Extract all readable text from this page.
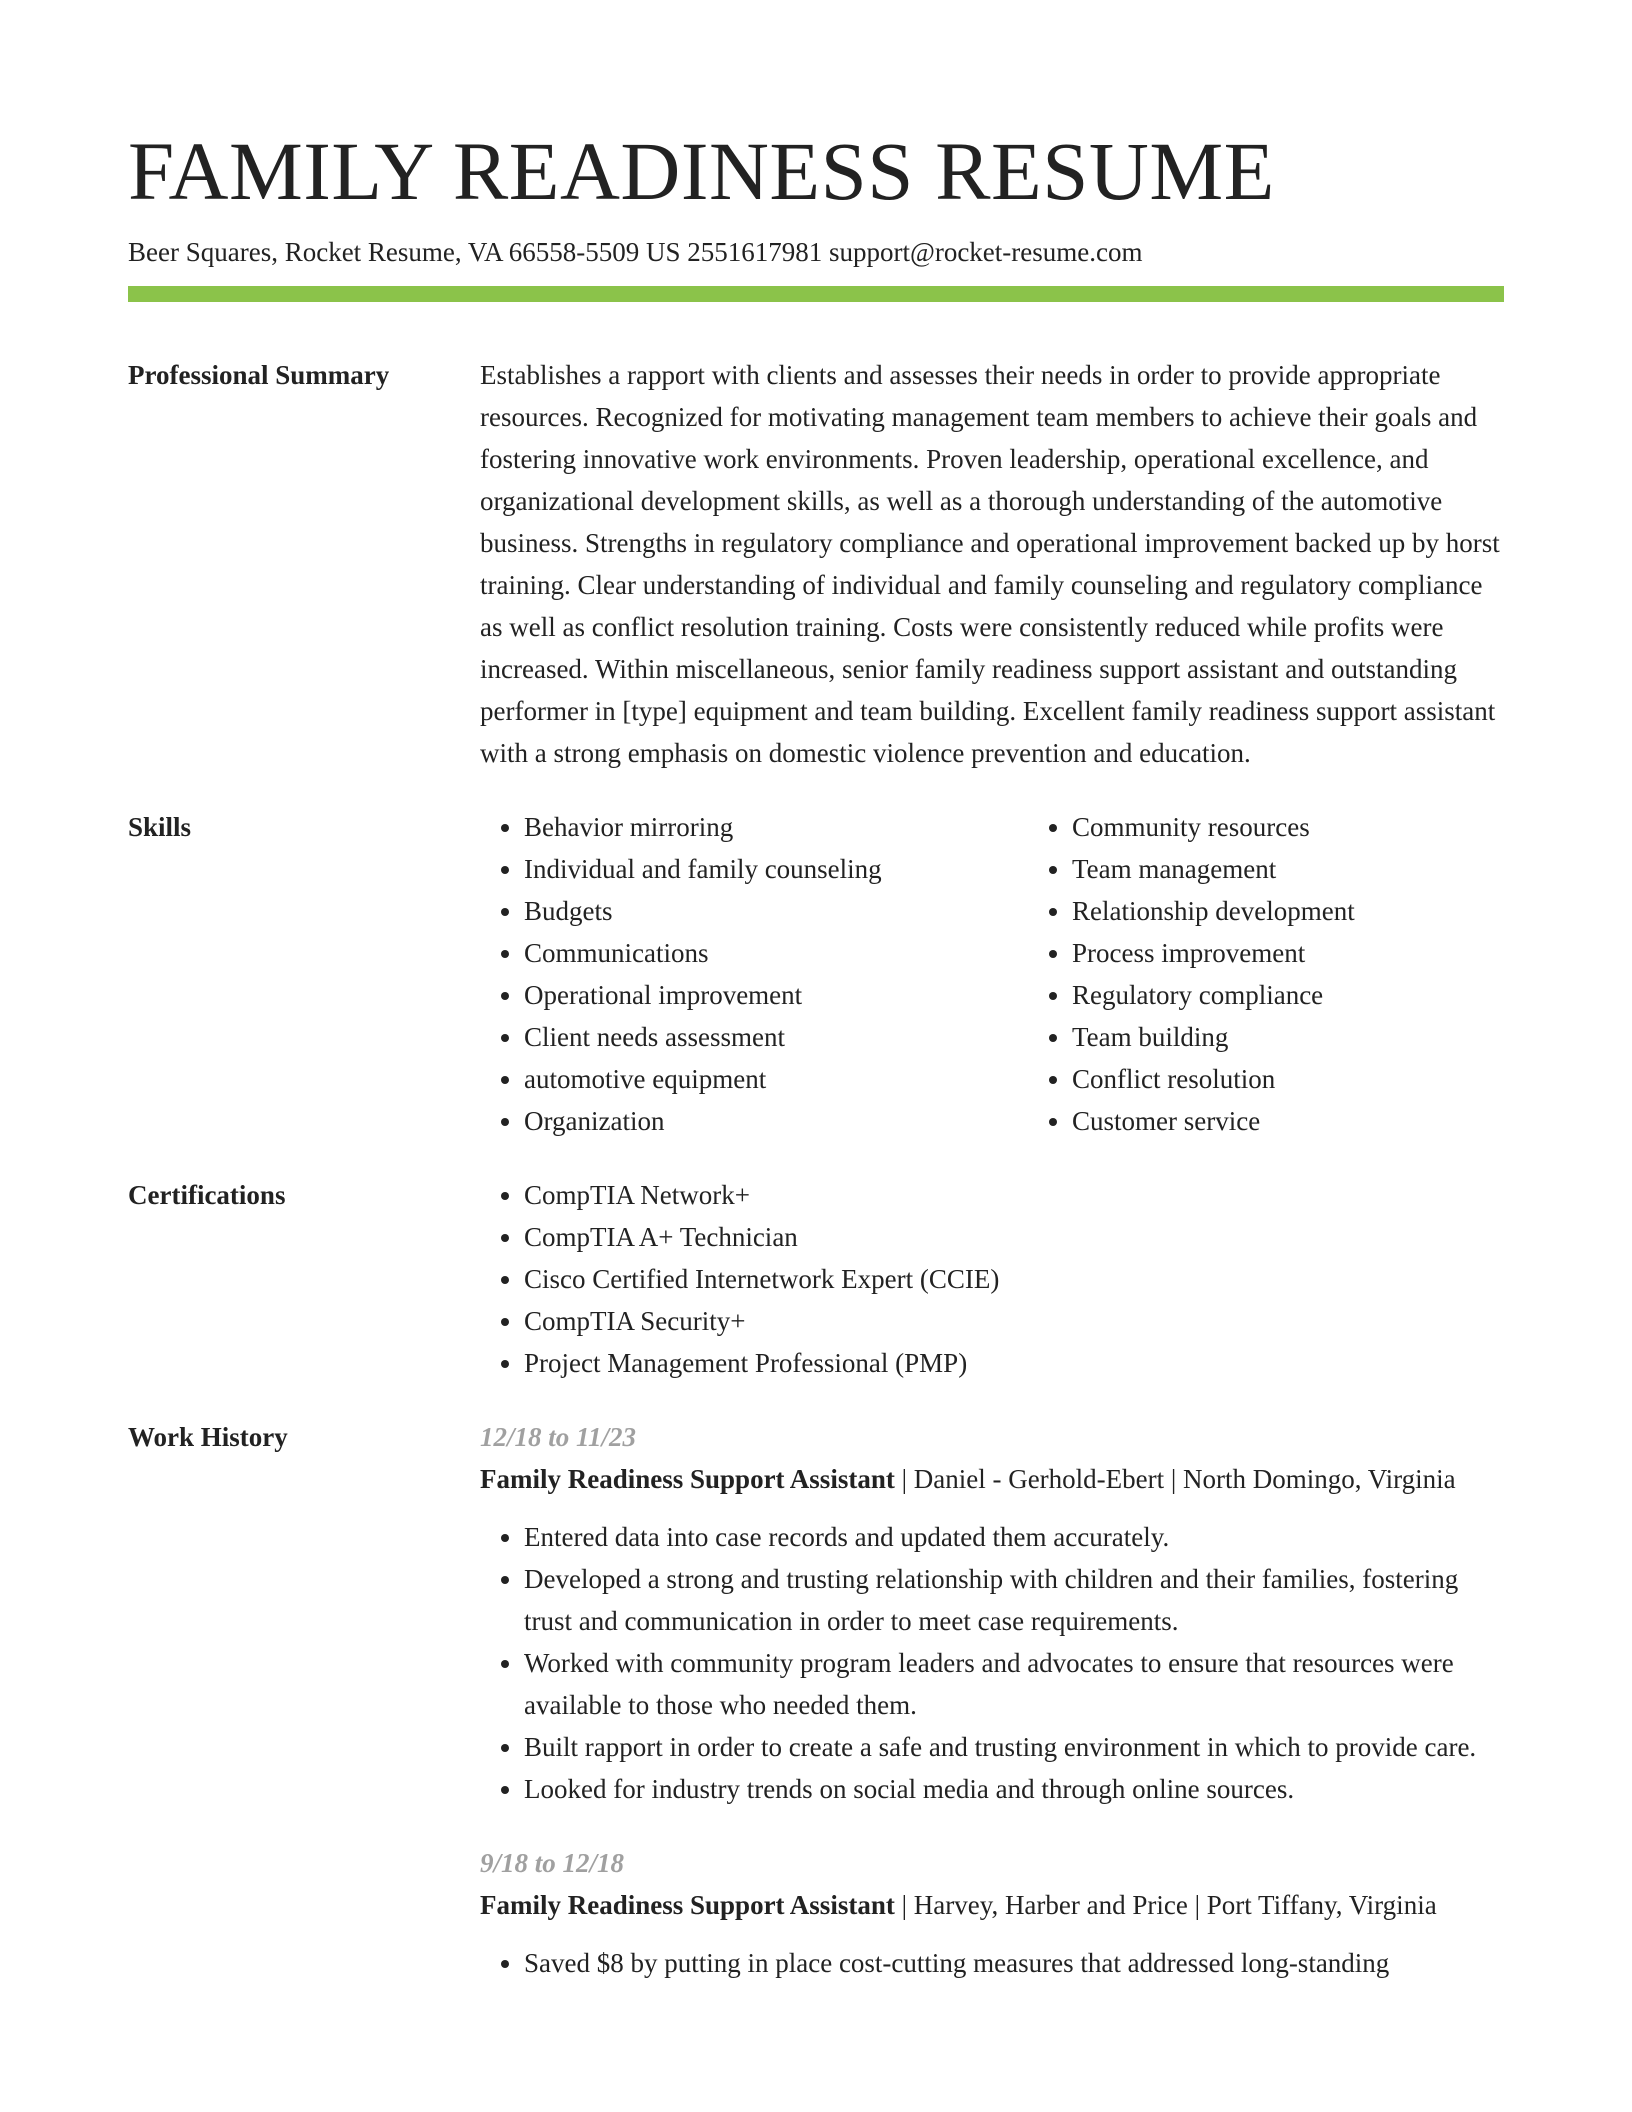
FAMILY READINESS RESUME
Beer Squares, Rocket Resume, VA 66558-5509 US 2551617981 support@rocket-resume.com
Professional Summary	Establishes a rapport with clients and assesses their needs in order to provide appropriate resources. Recognized for motivating management team members to achieve their goals and fostering innovative work environments. Proven leadership, operational excellence, and organizational development skills, as well as a thorough understanding of the automotive business. Strengths in regulatory compliance and operational improvement backed up by horst training. Clear understanding of individual and family counseling and regulatory compliance as well as conflict resolution training. Costs were consistently reduced while profits were increased. Within miscellaneous, senior family readiness support assistant and outstanding performer in [type] equipment and team building. Excellent family readiness support assistant with a strong emphasis on domestic violence prevention and education.

Skills	• Behavior mirroring
• Individual and family counseling
• Budgets
• Communications
• Operational improvement
• Client needs assessment
• automotive equipment
• Organization
• Community resources
• Team management
• Relationship development
• Process improvement
• Regulatory compliance
• Team building
• Conflict resolution
• Customer service
Certifications	• CompTIA Network+
• CompTIA A+ Technician
• Cisco Certified Internetwork Expert (CCIE)
• CompTIA Security+
• Project Management Professional (PMP)
Work History	12/18 to 11/23

Family Readiness Support Assistant | Daniel - Gerhold-Ebert | North Domingo, Virginia

• Entered data into case records and updated them accurately.
• Developed a strong and trusting relationship with children and their families, fostering trust and communication in order to meet case requirements.
• Worked with community program leaders and advocates to ensure that resources were available to those who needed them.
• Built rapport in order to create a safe and trusting environment in which to provide care.
• Looked for industry trends on social media and through online sources.
9/18 to 12/18

Family Readiness Support Assistant | Harvey, Harber and Price | Port Tiffany, Virginia

• Saved $8 by putting in place cost-cutting measures that addressed long-standing
